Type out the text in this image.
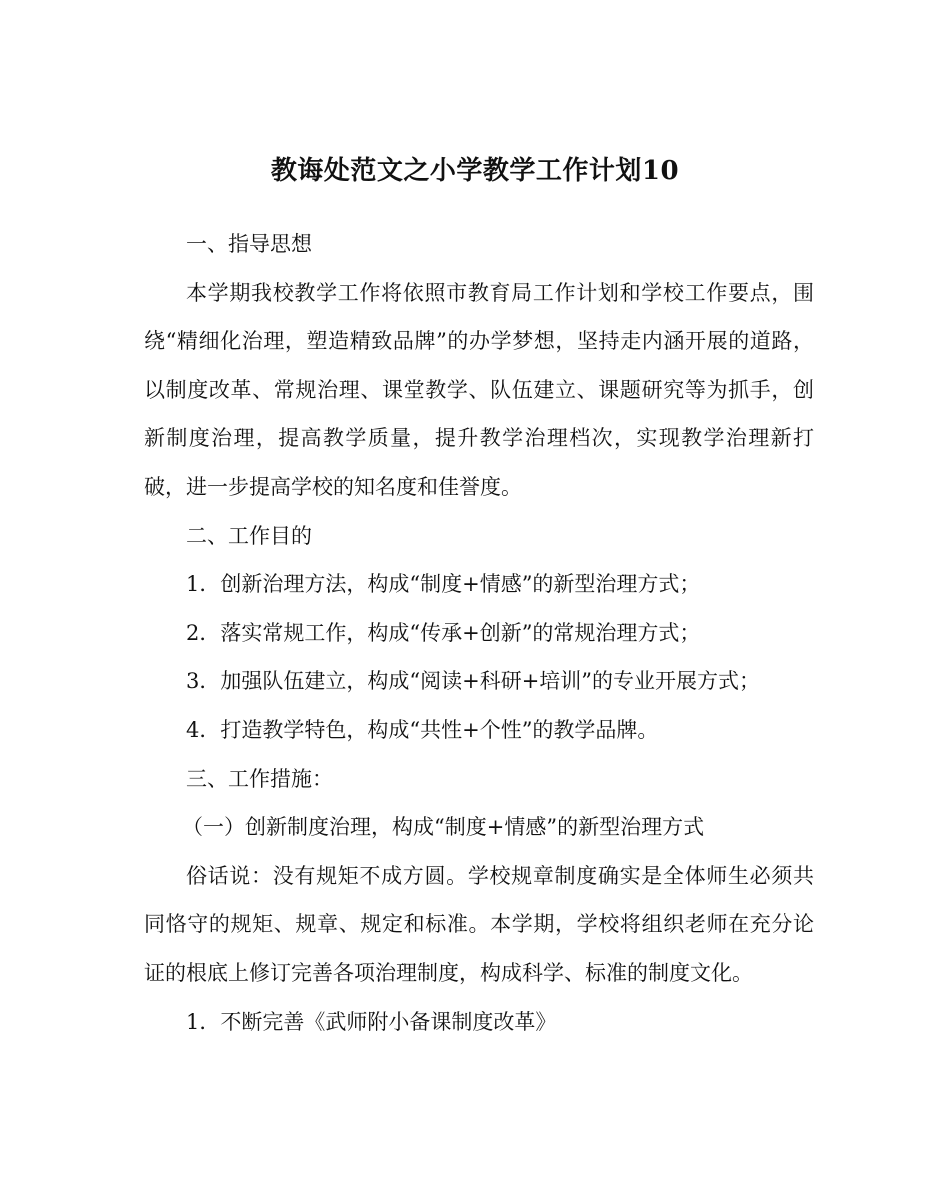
教诲处范文之小学教学工作计划10

一、指导思想

本学期我校教学工作将依照市教育局工作计划和学校工作要点，围绕“精细化治理，塑造精致品牌”的办学梦想，坚持走内涵开展的道路，以制度改革、常规治理、课堂教学、队伍建立、课题研究等为抓手，创新制度治理，提高教学质量，提升教学治理档次，实现教学治理新打破，进一步提高学校的知名度和佳誉度。

二、工作目的

1．创新治理方法，构成“制度+情感”的新型治理方式；

2．落实常规工作，构成“传承+创新”的常规治理方式；

3．加强队伍建立，构成“阅读+科研+培训”的专业开展方式；

4．打造教学特色，构成“共性+个性”的教学品牌。

三、工作措施：

（一）创新制度治理，构成“制度+情感”的新型治理方式

俗话说：没有规矩不成方圆。学校规章制度确实是全体师生必须共同恪守的规矩、规章、规定和标准。本学期，学校将组织老师在充分论证的根底上修订完善各项治理制度，构成科学、标准的制度文化。

1．不断完善《武师附小备课制度改革》
